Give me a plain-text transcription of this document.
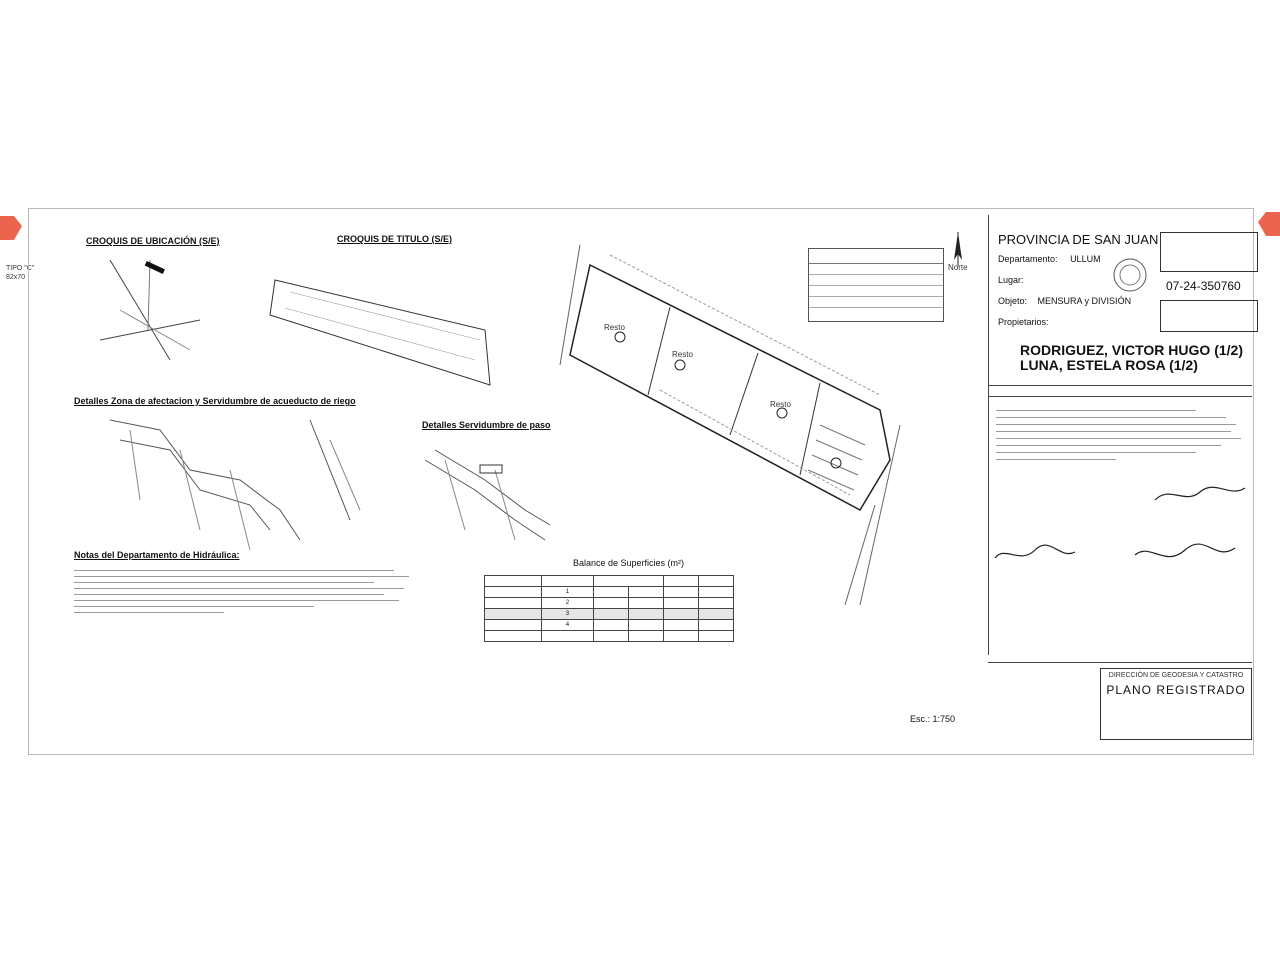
TIPO "C"
82x70
CROQUIS DE UBICACIÓN (S/E)	CROQUIS DE TITULO (S/E)
Detalles Zona de afectacion y Servidumbre de acueducto de riego
Detalles Servidumbre de paso
Notas del Departamento de Hidráulica:
Balance de Superficies (m²)

	1				
	2				
	3				
	4				

Resto
Resto
Resto
Norte
Esc.: 1:750
PROVINCIA DE SAN JUAN
Departamento: ULLUM
Lugar:
Objeto: MENSURA y DIVISIÓN
Propietarios:
RODRIGUEZ, VICTOR HUGO (1/2)
LUNA, ESTELA ROSA (1/2)
07-24-350760
DIRECCIÓN DE GEODESIA Y CATASTRO
PLANO REGISTRADO
